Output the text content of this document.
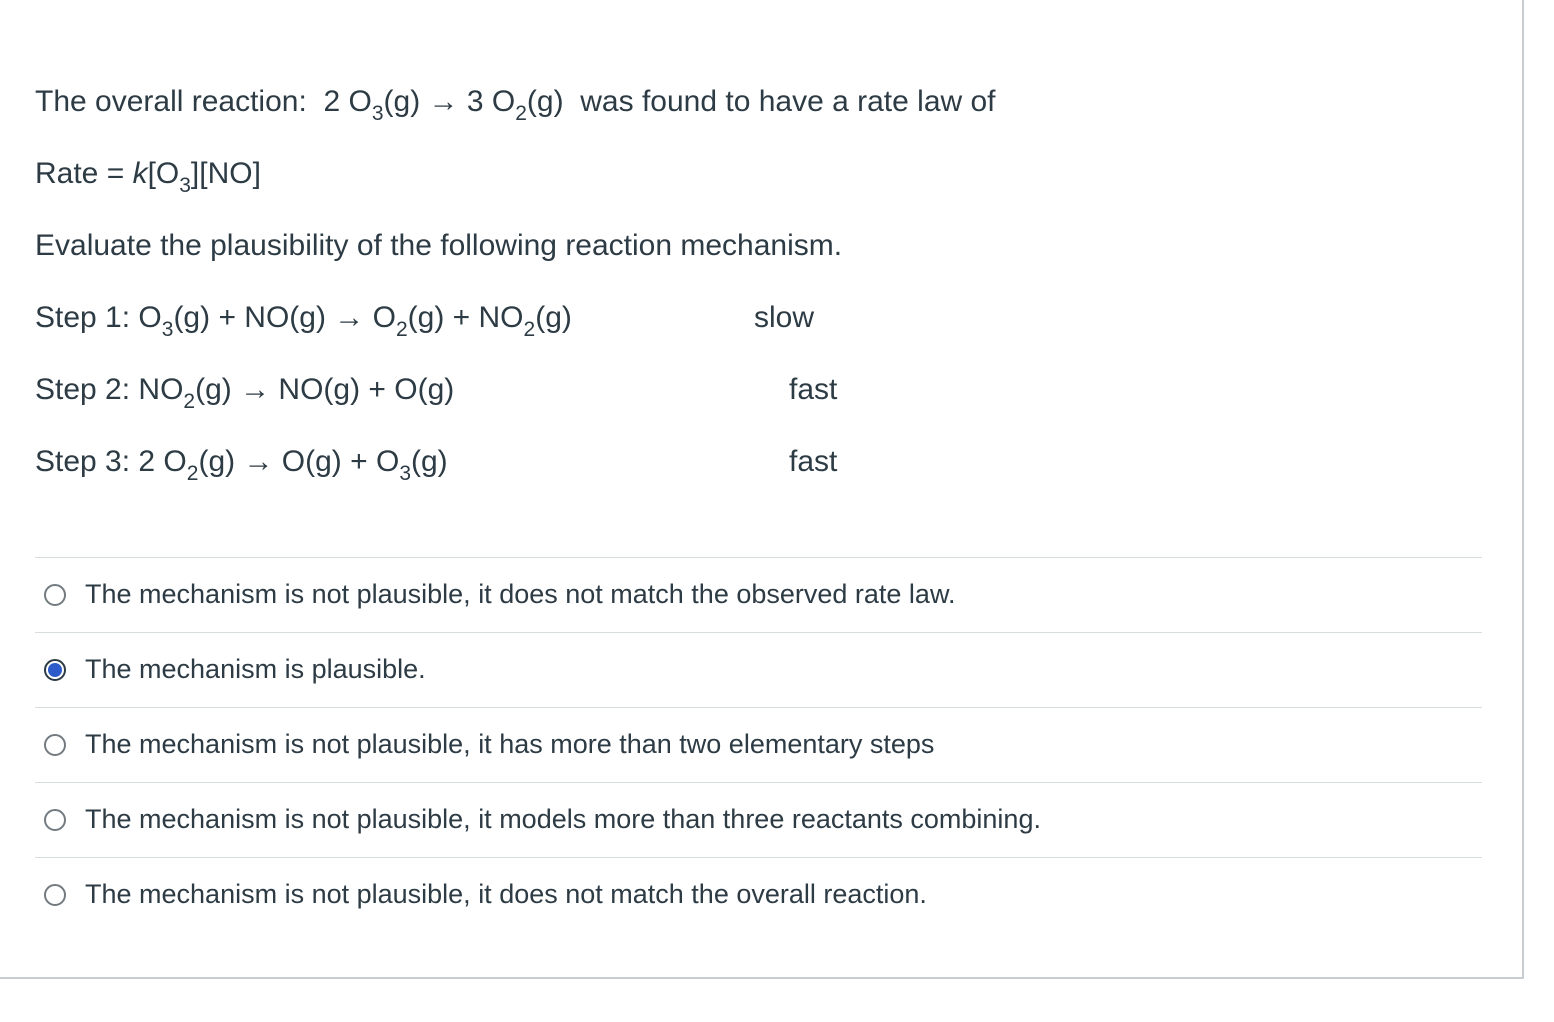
The overall reaction: 2 $O_3(g) \to 3$ $O_2(g)$ was found to have a rate law of
Rate = $k[O_3][NO]$
Evaluate the plausibility of the following reaction mechanism.
Step 1: $O_3(g) + NO(g) \to O_2(g) + NO_2(g)$	slow
Step 2: $NO_2(g) \to NO(g) + O(g)$	fast
Step 3: 2 $O_2(g) \to O(g) + O_3(g)$	fast
The mechanism is not plausible, it does not match the observed rate law.
The mechanism is plausible.
The mechanism is not plausible, it has more than two elementary steps
The mechanism is not plausible, it models more than three reactants combining.
The mechanism is not plausible, it does not match the overall reaction.
